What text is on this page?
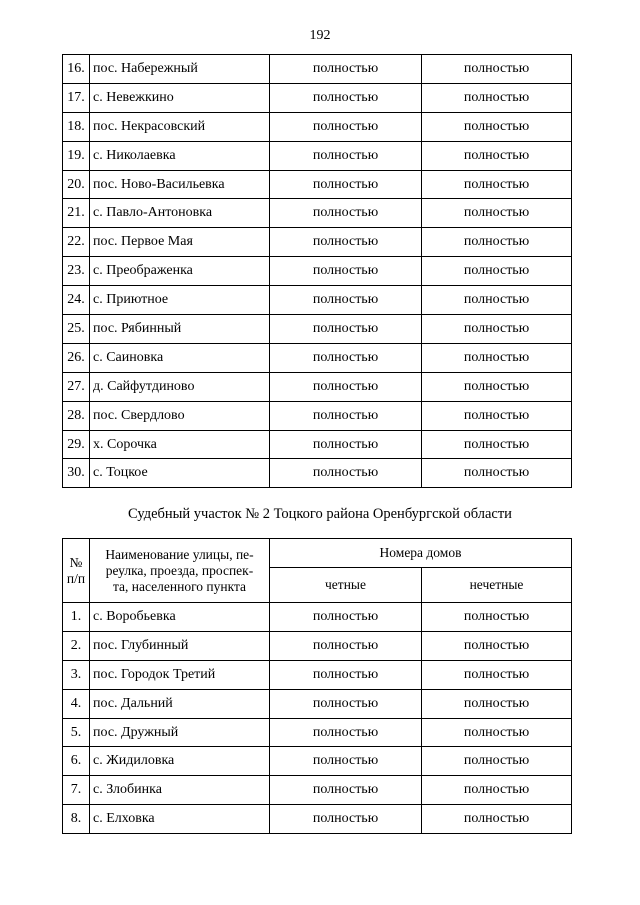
192
16.	пос. Набережный	полностью	полностью
17.	с. Невежкино	полностью	полностью
18.	пос. Некрасовский	полностью	полностью
19.	с. Николаевка	полностью	полностью
20.	пос. Ново-Васильевка	полностью	полностью
21.	с. Павло-Антоновка	полностью	полностью
22.	пос. Первое Мая	полностью	полностью
23.	с. Преображенка	полностью	полностью
24.	с. Приютное	полностью	полностью
25.	пос. Рябинный	полностью	полностью
26.	с. Саиновка	полностью	полностью
27.	д. Сайфутдиново	полностью	полностью
28.	пос. Свердлово	полностью	полностью
29.	х. Сорочка	полностью	полностью
30.	с. Тоцкое	полностью	полностью
Судебный участок № 2 Тоцкого района Оренбургской области
№
п/п	Наименование улицы, пе-
реулка, проезда, проспек-
та, населенного пункта	Номера домов	
		четные	нечетные
1.	с. Воробьевка	полностью	полностью
2.	пос. Глубинный	полностью	полностью
3.	пос. Городок Третий	полностью	полностью
4.	пос. Дальний	полностью	полностью
5.	пос. Дружный	полностью	полностью
6.	с. Жидиловка	полностью	полностью
7.	с. Злобинка	полностью	полностью
8.	с. Елховка	полностью	полностью
